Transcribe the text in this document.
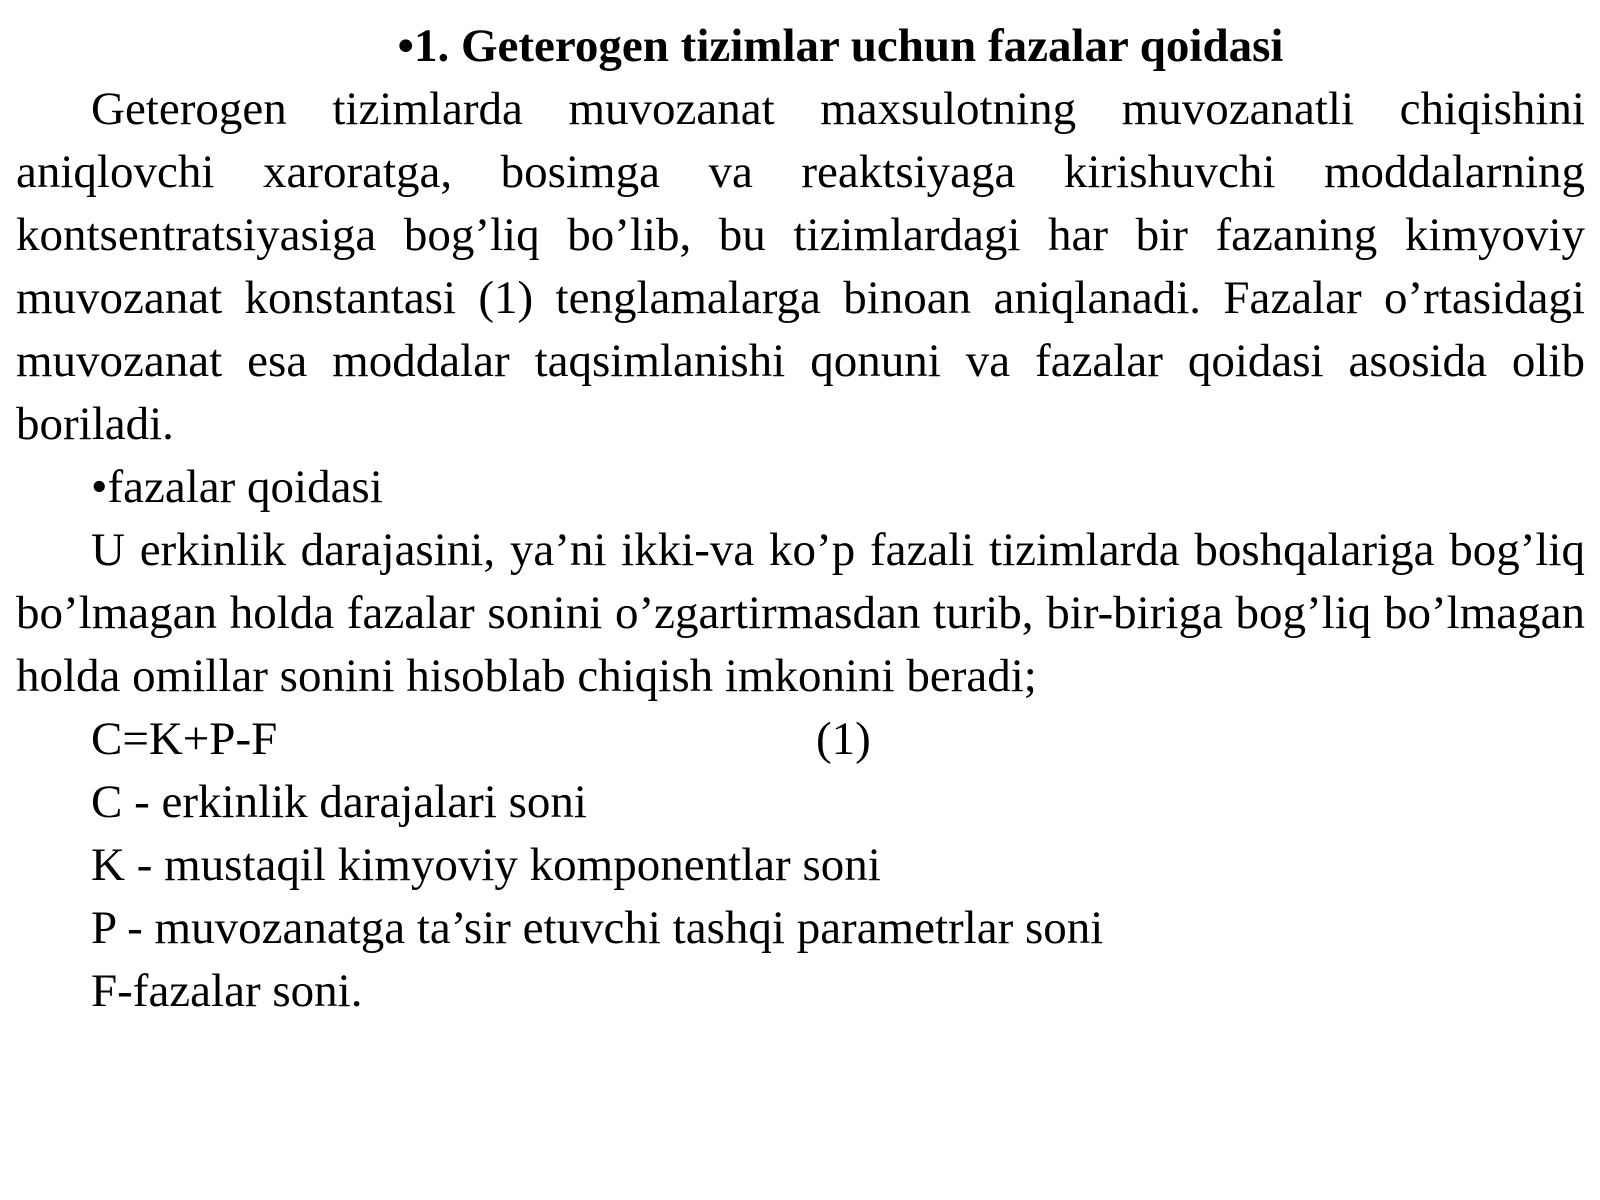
•1. Geterogen tizimlar uchun fazalar qoidasi

Geterogen tizimlarda muvozanat maxsulotning muvozanatli chiqishini aniqlovchi xaroratga, bosimga va reaktsiyaga kirishuvchi moddalarning kontsentratsiyasiga bog’liq bo’lib, bu tizimlardagi har bir fazaning kimyoviy muvozanat konstantasi (1) tenglamalarga binoan aniqlanadi. Fazalar o’rtasidagi muvozanat esa moddalar taqsimlanishi qonuni va fazalar qoidasi asosida olib boriladi.

•fazalar qoidasi

U erkinlik darajasini, ya’ni ikki-va ko’p fazali tizimlarda boshqalariga bog’liq bo’lmagan holda fazalar sonini o’zgartirmasdan turib, bir-biriga bog’liq bo’lmagan holda omillar sonini hisoblab chiqish imkonini beradi;

C=K+P-F	(1)

C - erkinlik darajalari soni

K - mustaqil kimyoviy komponentlar soni

P - muvozanatga ta’sir etuvchi tashqi parametrlar soni

F-fazalar soni.
